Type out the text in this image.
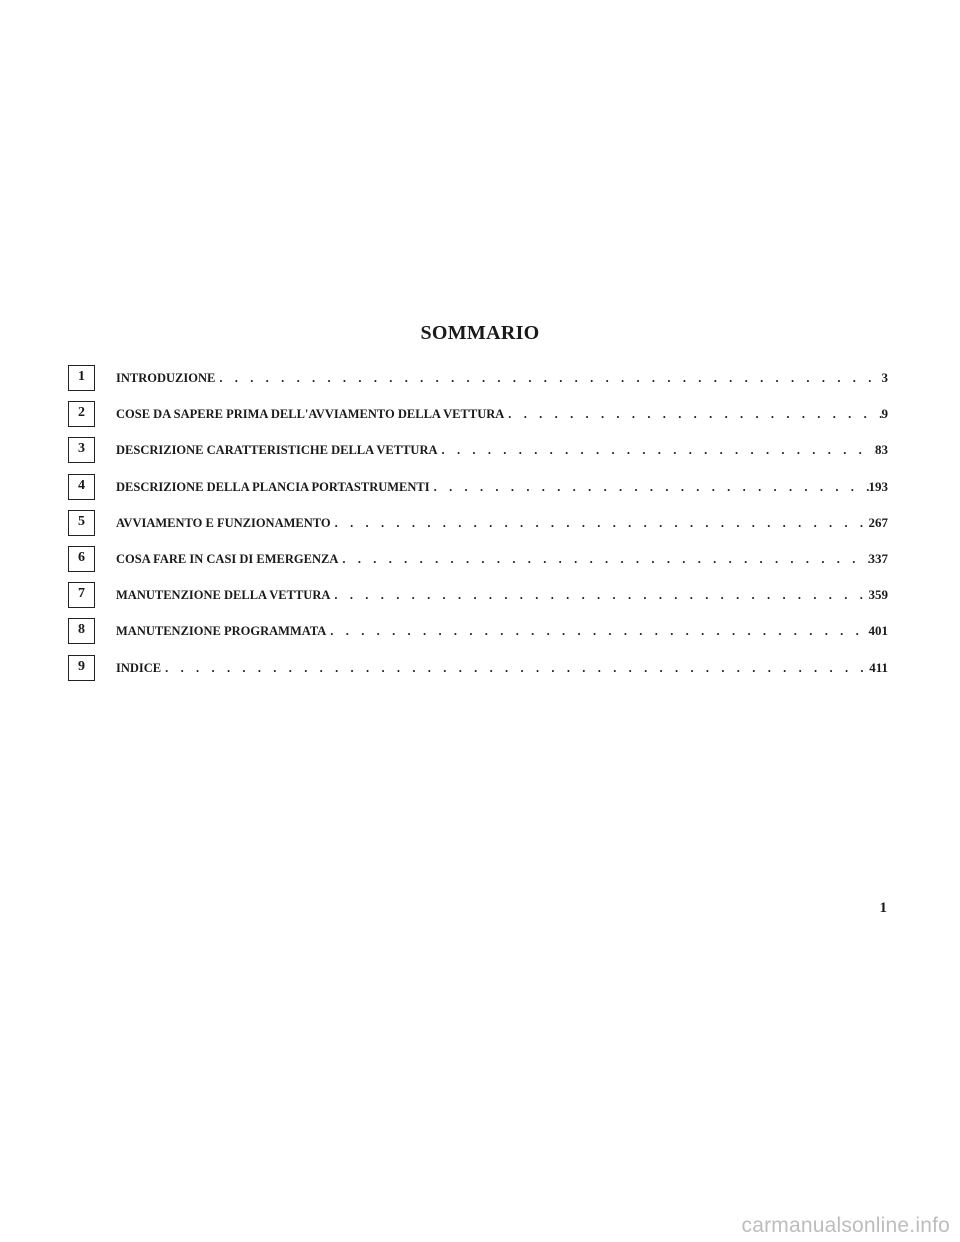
SOMMARIO
1	INTRODUZIONE . . .	3
2	COSE DA SAPERE PRIMA DELL'AVVIAMENTO DELLA VETTURA . . .	9
3	DESCRIZIONE CARATTERISTICHE DELLA VETTURA . . .	83
4	DESCRIZIONE DELLA PLANCIA PORTASTRUMENTI . . .	193
5	AVVIAMENTO E FUNZIONAMENTO . . .	267
6	COSA FARE IN CASI DI EMERGENZA . . .	337
7	MANUTENZIONE DELLA VETTURA . . .	359
8	MANUTENZIONE PROGRAMMATA . . .	401
9	INDICE . . .	411
1
carmanualsonline.info
